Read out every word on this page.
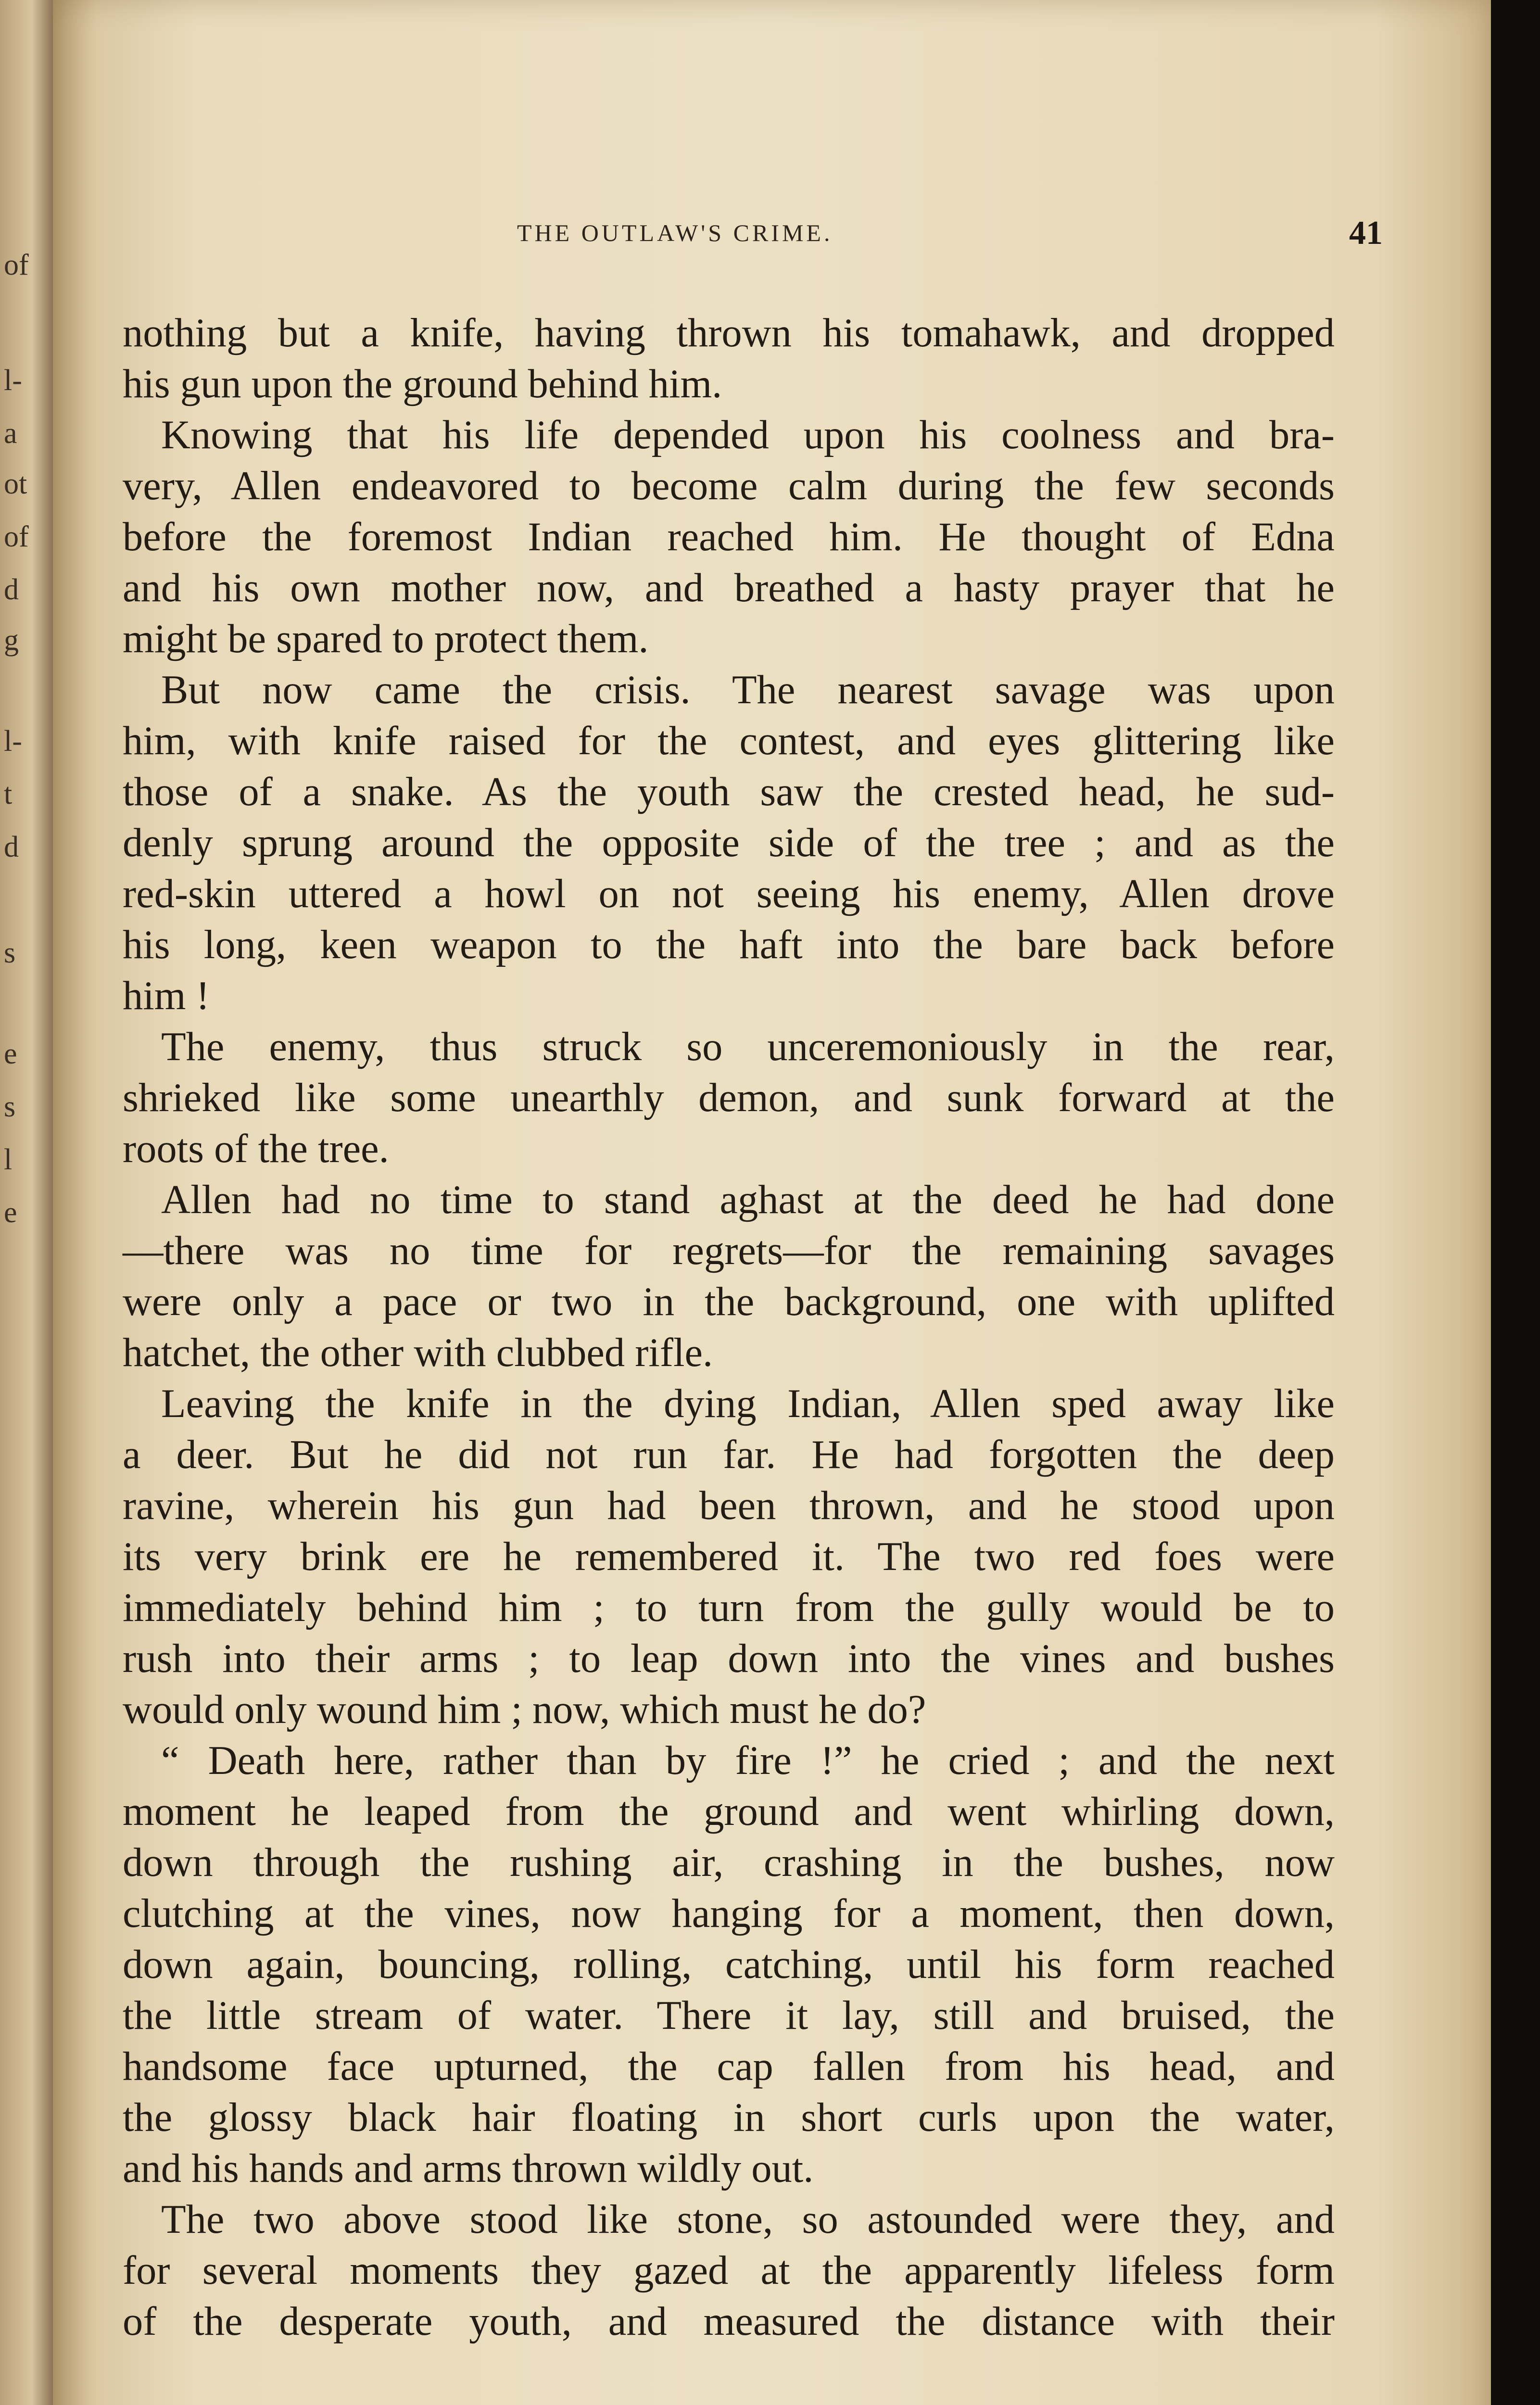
of
l-
a
ot
of
d
g
l-
t
d
s
e
s
l
e
THE OUTLAW'S CRIME.	41
nothing but a knife, having thrown his tomahawk, and dropped
his gun upon the ground behind him.
Knowing that his life depended upon his coolness and bra-
very, Allen endeavored to become calm during the few seconds
before the foremost Indian reached him. He thought of Edna
and his own mother now, and breathed a hasty prayer that he
might be spared to protect them.
But now came the crisis. The nearest savage was upon
him, with knife raised for the contest, and eyes glittering like
those of a snake. As the youth saw the crested head, he sud-
denly sprung around the opposite side of the tree ; and as the
red-skin uttered a howl on not seeing his enemy, Allen drove
his long, keen weapon to the haft into the bare back before
him !
The enemy, thus struck so unceremoniously in the rear,
shrieked like some unearthly demon, and sunk forward at the
roots of the tree.
Allen had no time to stand aghast at the deed he had done
—there was no time for regrets—for the remaining savages
were only a pace or two in the background, one with uplifted
hatchet, the other with clubbed rifle.
Leaving the knife in the dying Indian, Allen sped away like
a deer. But he did not run far. He had forgotten the deep
ravine, wherein his gun had been thrown, and he stood upon
its very brink ere he remembered it. The two red foes were
immediately behind him ; to turn from the gully would be to
rush into their arms ; to leap down into the vines and bushes
would only wound him ; now, which must he do?
“ Death here, rather than by fire !” he cried ; and the next
moment he leaped from the ground and went whirling down,
down through the rushing air, crashing in the bushes, now
clutching at the vines, now hanging for a moment, then down,
down again, bouncing, rolling, catching, until his form reached
the little stream of water. There it lay, still and bruised, the
handsome face upturned, the cap fallen from his head, and
the glossy black hair floating in short curls upon the water,
and his hands and arms thrown wildly out.
The two above stood like stone, so astounded were they, and
for several moments they gazed at the apparently lifeless form
of the desperate youth, and measured the distance with their
